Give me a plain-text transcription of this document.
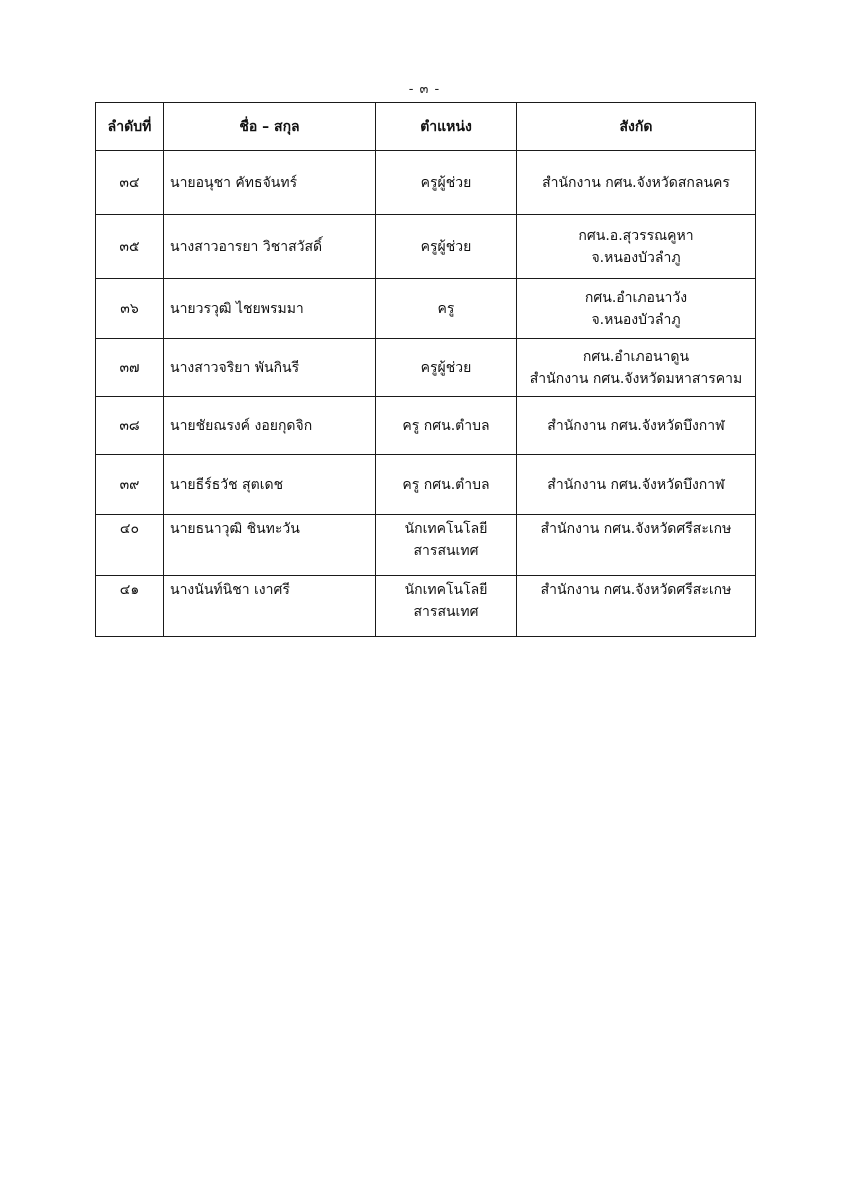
- ๓ -
ลำดับที่	ชื่อ – สกุล	ตำแหน่ง	สังกัด
๓๔	นายอนุชา คัทธจันทร์	ครูผู้ช่วย	สำนักงาน กศน.จังหวัดสกลนคร

๓๕	นางสาวอารยา วิชาสวัสดิ์	ครูผู้ช่วย	กศน.อ.สุวรรณคูหา
จ.หนองบัวลำภู

๓๖	นายวรวุฒิ ไชยพรมมา	ครู	กศน.อำเภอนาวัง
จ.หนองบัวลำภู

๓๗	นางสาวจริยา พันกินรี	ครูผู้ช่วย	กศน.อำเภอนาดูน
สำนักงาน กศน.จังหวัดมหาสารคาม

๓๘	นายชัยณรงค์ งอยกุดจิก	ครู กศน.ตำบล	สำนักงาน กศน.จังหวัดบึงกาฬ

๓๙	นายธีร์ธวัช สุตเดช	ครู กศน.ตำบล	สำนักงาน กศน.จังหวัดบึงกาฬ

๔๐	นายธนาวุฒิ ชินทะวัน	นักเทคโนโลยี
สารสนเทศ	สำนักงาน กศน.จังหวัดศรีสะเกษ

๔๑	นางนันท์นิชา เงาศรี	นักเทคโนโลยี
สารสนเทศ	สำนักงาน กศน.จังหวัดศรีสะเกษ
